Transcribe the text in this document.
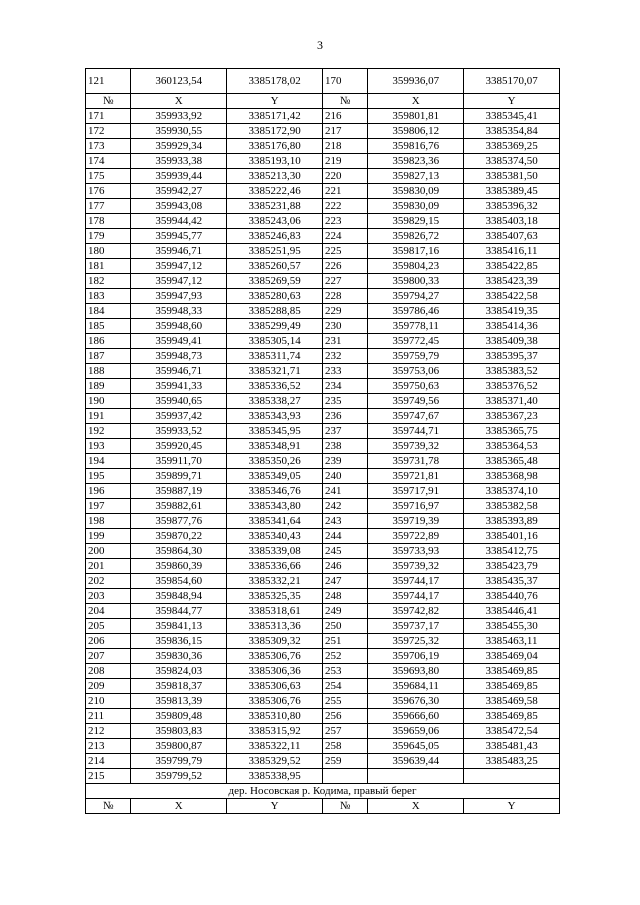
3
121	360123,54	3385178,02	170	359936,07	3385170,07
№	X	Y	№	X	Y
171	359933,92	3385171,42	216	359801,81	3385345,41
172	359930,55	3385172,90	217	359806,12	3385354,84
173	359929,34	3385176,80	218	359816,76	3385369,25
174	359933,38	3385193,10	219	359823,36	3385374,50
175	359939,44	3385213,30	220	359827,13	3385381,50
176	359942,27	3385222,46	221	359830,09	3385389,45
177	359943,08	3385231,88	222	359830,09	3385396,32
178	359944,42	3385243,06	223	359829,15	3385403,18
179	359945,77	3385246,83	224	359826,72	3385407,63
180	359946,71	3385251,95	225	359817,16	3385416,11
181	359947,12	3385260,57	226	359804,23	3385422,85
182	359947,12	3385269,59	227	359800,33	3385423,39
183	359947,93	3385280,63	228	359794,27	3385422,58
184	359948,33	3385288,85	229	359786,46	3385419,35
185	359948,60	3385299,49	230	359778,11	3385414,36
186	359949,41	3385305,14	231	359772,45	3385409,38
187	359948,73	3385311,74	232	359759,79	3385395,37
188	359946,71	3385321,71	233	359753,06	3385383,52
189	359941,33	3385336,52	234	359750,63	3385376,52
190	359940,65	3385338,27	235	359749,56	3385371,40
191	359937,42	3385343,93	236	359747,67	3385367,23
192	359933,52	3385345,95	237	359744,71	3385365,75
193	359920,45	3385348,91	238	359739,32	3385364,53
194	359911,70	3385350,26	239	359731,78	3385365,48
195	359899,71	3385349,05	240	359721,81	3385368,98
196	359887,19	3385346,76	241	359717,91	3385374,10
197	359882,61	3385343,80	242	359716,97	3385382,58
198	359877,76	3385341,64	243	359719,39	3385393,89
199	359870,22	3385340,43	244	359722,89	3385401,16
200	359864,30	3385339,08	245	359733,93	3385412,75
201	359860,39	3385336,66	246	359739,32	3385423,79
202	359854,60	3385332,21	247	359744,17	3385435,37
203	359848,94	3385325,35	248	359744,17	3385440,76
204	359844,77	3385318,61	249	359742,82	3385446,41
205	359841,13	3385313,36	250	359737,17	3385455,30
206	359836,15	3385309,32	251	359725,32	3385463,11
207	359830,36	3385306,76	252	359706,19	3385469,04
208	359824,03	3385306,36	253	359693,80	3385469,85
209	359818,37	3385306,63	254	359684,11	3385469,85
210	359813,39	3385306,76	255	359676,30	3385469,58
211	359809,48	3385310,80	256	359666,60	3385469,85
212	359803,83	3385315,92	257	359659,06	3385472,54
213	359800,87	3385322,11	258	359645,05	3385481,43
214	359799,79	3385329,52	259	359639,44	3385483,25
215	359799,52	3385338,95			
дер. Носовская р. Кодима, правый берег					
№	X	Y	№	X	Y
